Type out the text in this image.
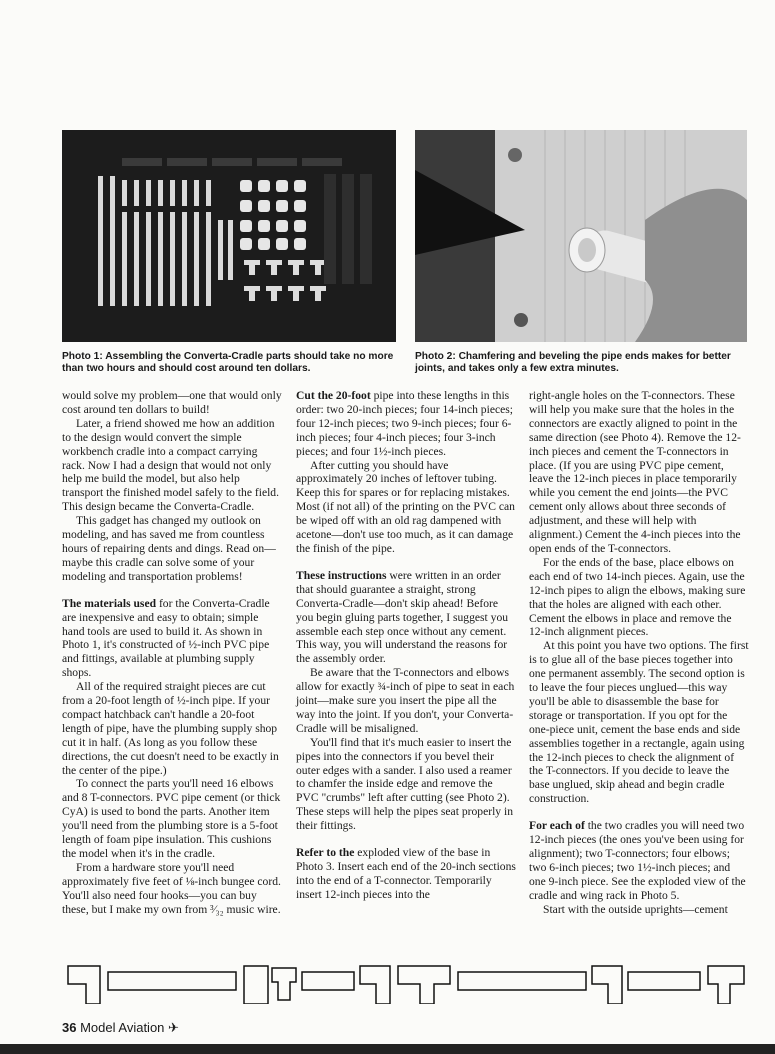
Photo 1: Assembling the Converta-Cradle parts should take no more than two hours and should cost around ten dollars.
Photo 2: Chamfering and beveling the pipe ends makes for better joints, and takes only a few extra minutes.

would solve my problem—one that would only cost around ten dollars to build!

Later, a friend showed me how an addition to the design would convert the simple workbench cradle into a compact carrying rack. Now I had a design that would not only help me build the model, but also help transport the finished model safely to the field. This design became the Converta-Cradle.

This gadget has changed my outlook on modeling, and has saved me from countless hours of repairing dents and dings. Read on—maybe this cradle can solve some of your modeling and transportation problems!

The materials used for the Converta-Cradle are inexpensive and easy to obtain; simple hand tools are used to build it. As shown in Photo 1, it's constructed of ½-inch PVC pipe and fittings, available at plumbing supply shops.

All of the required straight pieces are cut from a 20-foot length of ½-inch pipe. If your compact hatchback can't handle a 20-foot length of pipe, have the plumbing supply shop cut it in half. (As long as you follow these directions, the cut doesn't need to be exactly in the center of the pipe.)

To connect the parts you'll need 16 elbows and 8 T-connectors. PVC pipe cement (or thick CyA) is used to bond the parts. Another item you'll need from the plumbing store is a 5-foot length of foam pipe insulation. This cushions the model when it's in the cradle.

From a hardware store you'll need approximately five feet of ⅛-inch bungee cord. You'll also need four hooks—you can buy these, but I make my own from ³⁄₃₂ music wire.

Cut the 20-foot pipe into these lengths in this order: two 20-inch pieces; four 14-inch pieces; four 12-inch pieces; two 9-inch pieces; four 6-inch pieces; four 4-inch pieces; four 3-inch pieces; and four 1½-inch pieces.

After cutting you should have approximately 20 inches of leftover tubing. Keep this for spares or for replacing mistakes. Most (if not all) of the printing on the PVC can be wiped off with an old rag dampened with acetone—don't use too much, as it can damage the finish of the pipe.

These instructions were written in an order that should guarantee a straight, strong Converta-Cradle—don't skip ahead! Before you begin gluing parts together, I suggest you assemble each step once without any cement. This way, you will understand the reasons for the assembly order.

Be aware that the T-connectors and elbows allow for exactly ¾-inch of pipe to seat in each joint—make sure you insert the pipe all the way into the joint. If you don't, your Converta-Cradle will be misaligned.

You'll find that it's much easier to insert the pipes into the connectors if you bevel their outer edges with a sander. I also used a reamer to chamfer the inside edge and remove the PVC "crumbs" left after cutting (see Photo 2). These steps will help the pipes seat properly in their fittings.

Refer to the exploded view of the base in Photo 3. Insert each end of the 20-inch sections into the end of a T-connector. Temporarily insert 12-inch pieces into the

right-angle holes on the T-connectors. These will help you make sure that the holes in the connectors are exactly aligned to point in the same direction (see Photo 4). Remove the 12-inch pieces and cement the T-connectors in place. (If you are using PVC pipe cement, leave the 12-inch pieces in place temporarily while you cement the end joints—the PVC cement only allows about three seconds of adjustment, and these will help with alignment.) Cement the 4-inch pieces into the open ends of the T-connectors.

For the ends of the base, place elbows on each end of two 14-inch pieces. Again, use the 12-inch pipes to align the elbows, making sure that the holes are aligned with each other. Cement the elbows in place and remove the 12-inch alignment pieces.

At this point you have two options. The first is to glue all of the base pieces together into one permanent assembly. The second option is to leave the four pieces unglued—this way you'll be able to disassemble the base for storage or transportation. If you opt for the one-piece unit, cement the base ends and side assemblies together in a rectangle, again using the 12-inch pieces to check the alignment of the T-connectors. If you decide to leave the base unglued, skip ahead and begin cradle construction.

For each of the two cradles you will need two 12-inch pieces (the ones you've been using for alignment); two T-connectors; four elbows; two 6-inch pieces; two 1½-inch pieces; and one 9-inch piece. See the exploded view of the cradle and wing rack in Photo 5.

Start with the outside uprights—cement

36 Model Aviation ✈
